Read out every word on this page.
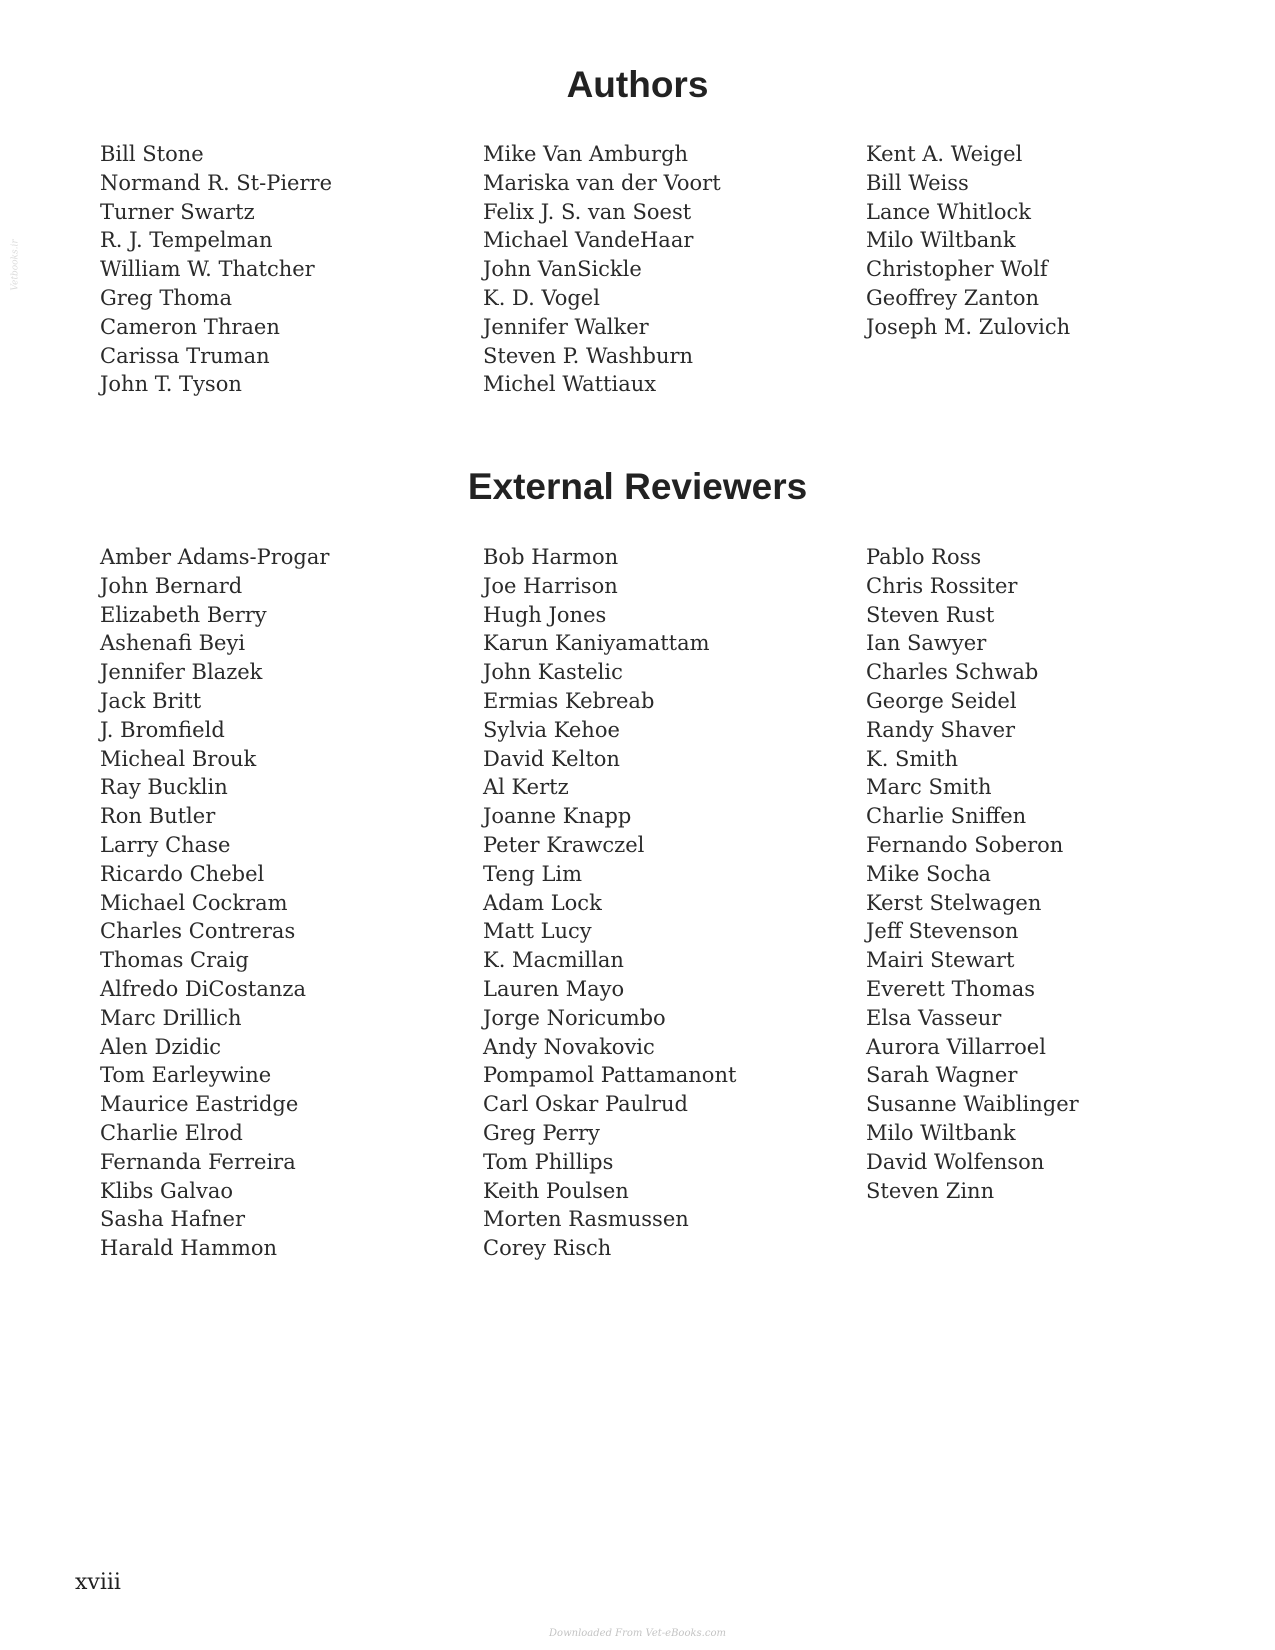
Vetbooks.ir
Authors
Bill Stone
Normand R. St-Pierre
Turner Swartz
R. J. Tempelman
William W. Thatcher
Greg Thoma
Cameron Thraen
Carissa Truman
John T. Tyson
Mike Van Amburgh
Mariska van der Voort
Felix J. S. van Soest
Michael VandeHaar
John VanSickle
K. D. Vogel
Jennifer Walker
Steven P. Washburn
Michel Wattiaux
Kent A. Weigel
Bill Weiss
Lance Whitlock
Milo Wiltbank
Christopher Wolf
Geoffrey Zanton
Joseph M. Zulovich
External Reviewers
Amber Adams-Progar
John Bernard
Elizabeth Berry
Ashenafi Beyi
Jennifer Blazek
Jack Britt
J. Bromfield
Micheal Brouk
Ray Bucklin
Ron Butler
Larry Chase
Ricardo Chebel
Michael Cockram
Charles Contreras
Thomas Craig
Alfredo DiCostanza
Marc Drillich
Alen Dzidic
Tom Earleywine
Maurice Eastridge
Charlie Elrod
Fernanda Ferreira
Klibs Galvao
Sasha Hafner
Harald Hammon
Bob Harmon
Joe Harrison
Hugh Jones
Karun Kaniyamattam
John Kastelic
Ermias Kebreab
Sylvia Kehoe
David Kelton
Al Kertz
Joanne Knapp
Peter Krawczel
Teng Lim
Adam Lock
Matt Lucy
K. Macmillan
Lauren Mayo
Jorge Noricumbo
Andy Novakovic
Pompamol Pattamanont
Carl Oskar Paulrud
Greg Perry
Tom Phillips
Keith Poulsen
Morten Rasmussen
Corey Risch
Pablo Ross
Chris Rossiter
Steven Rust
Ian Sawyer
Charles Schwab
George Seidel
Randy Shaver
K. Smith
Marc Smith
Charlie Sniffen
Fernando Soberon
Mike Socha
Kerst Stelwagen
Jeff Stevenson
Mairi Stewart
Everett Thomas
Elsa Vasseur
Aurora Villarroel
Sarah Wagner
Susanne Waiblinger
Milo Wiltbank
David Wolfenson
Steven Zinn
xviii
Downloaded From Vet-eBooks.com
